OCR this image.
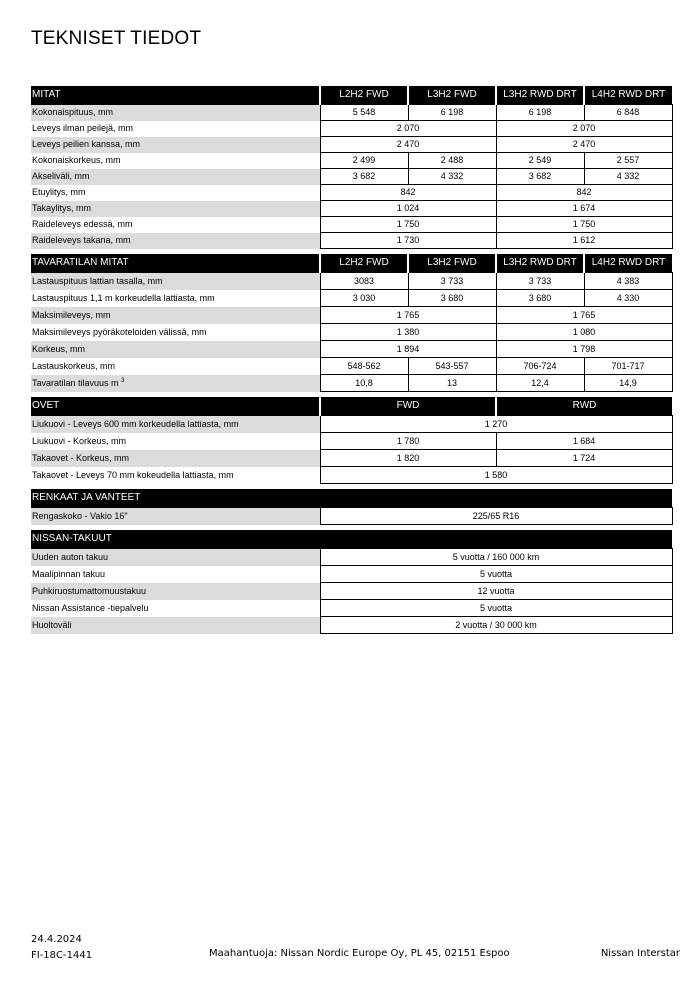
TEKNISET TIEDOT
MITAT	L2H2 FWD	L3H2 FWD	L3H2 RWD DRT	L4H2 RWD DRT
Kokonaispituus, mm	5 548	6 198	6 198	6 848
Leveys ilman peilejä, mm	2 070		2 070	
Leveys peilien kanssa, mm	2 470		2 470	
Kokonaiskorkeus, mm	2 499	2 488	2 549	2 557
Akseliväli, mm	3 682	4 332	3 682	4 332
Etuylitys, mm	842		842	
Takaylitys, mm	1 024		1 674	
Raideleveys edessä, mm	1 750		1 750	
Raideleveys takana, mm	1 730		1 612	
TAVARATILAN MITAT	L2H2 FWD	L3H2 FWD	L3H2 RWD DRT	L4H2 RWD DRT
Lastauspituus lattian tasalla, mm	3083	3 733	3 733	4 383
Lastauspituus 1,1 m korkeudella lattiasta, mm	3 030	3 680	3 680	4 330
Maksimileveys, mm	1 765		1 765	
Maksimileveys pyöräkoteloiden välissä, mm	1 380		1 080	
Korkeus, mm	1 894		1 798	
Lastauskorkeus, mm	548-562	543-557	706-724	701-717
Tavaratilan tilavuus m $^3$	10,8	13	12,4	14,9
OVET	FWD	RWD
Liukuovi - Leveys 600 mm korkeudella lattiasta, mm	1 270	
Liukuovi - Korkeus, mm	1 780	1 684
Takaovet - Korkeus, mm	1 820	1 724
Takaovet - Leveys 70 mm kokeudella lattiasta, mm	1 580	
RENKAAT JA VANTEET
Rengaskoko - Vakio 16"	225/65 R16
NISSAN-TAKUUT	
Uuden auton takuu	5 vuotta / 160 000 km
Maalipinnan takuu	5 vuotta
Puhkiruostumattomuustakuu	12 vuotta
Nissan Assistance -tiepalvelu	5 vuotta
Huoltoväli	2 vuotta / 30 000 km
24.4.2024
FI-18C-1441	Maahantuoja: Nissan Nordic Europe Oy, PL 45, 02151 Espoo	Nissan Interstar
